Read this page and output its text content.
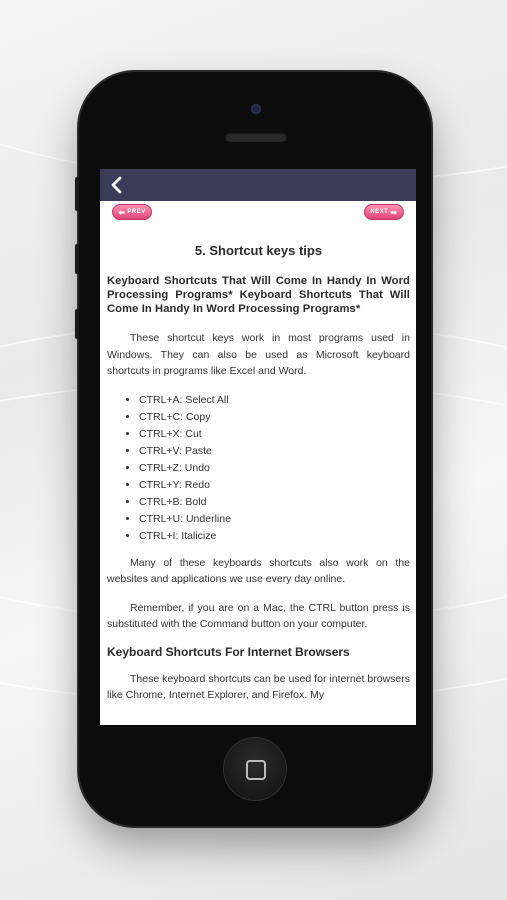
⬅ PREV	NEXT ➡
5. Shortcut keys tips
Keyboard Shortcuts That Will Come In Handy In Word Processing Programs* Keyboard Shortcuts That Will Come In Handy In Word Processing Programs*

These shortcut keys work in most programs used in Windows. They can also be used as Microsoft keyboard shortcuts in programs like Excel and Word.

• CTRL+A: Select All
• CTRL+C: Copy
• CTRL+X: Cut
• CTRL+V: Paste
• CTRL+Z: Undo
• CTRL+Y: Redo
• CTRL+B: Bold
• CTRL+U: Underline
• CTRL+I: Italicize

Many of these keyboards shortcuts also work on the websites and applications we use every day online.

Remember, if you are on a Mac, the CTRL button press is substituted with the Command button on your computer.

Keyboard Shortcuts For Internet Browsers

These keyboard shortcuts can be used for internet browsers like Chrome, Internet Explorer, and Firefox. My
